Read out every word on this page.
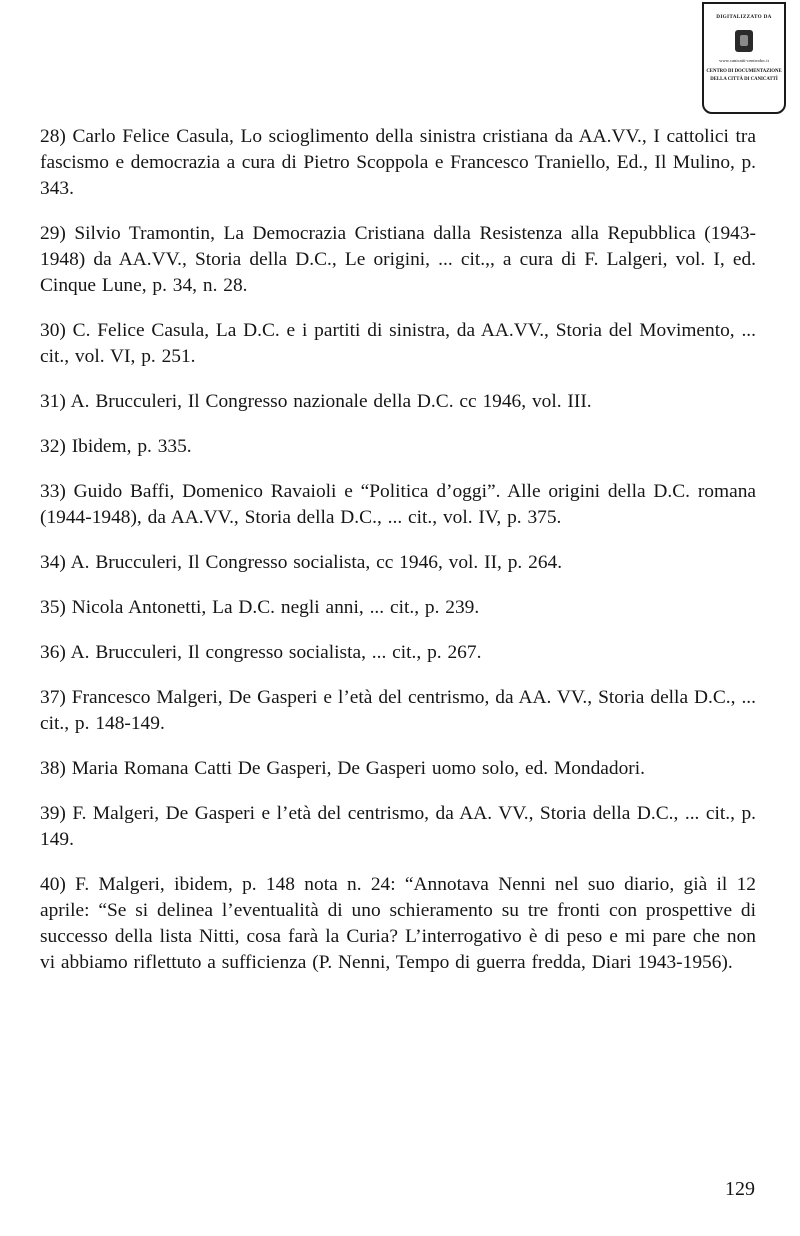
DIGITALIZZATO DA
www.canicatti-centrodoc.it
CENTRO DI DOCUMENTAZIONE
DELLA CITTÀ DI CANICATTÌ
28) Carlo Felice Casula, Lo scioglimento della sinistra cristiana da AA.VV., I cattolici tra fascismo e democrazia a cura di Pietro Scoppola e Francesco Traniello, Ed., Il Mulino, p. 343.
29) Silvio Tramontin, La Democrazia Cristiana dalla Resistenza alla Repubblica (1943-1948) da AA.VV., Storia della D.C., Le origini, ... cit.,, a cura di F. Lalgeri, vol. I, ed. Cinque Lune, p. 34, n. 28.
30) C. Felice Casula, La D.C. e i partiti di sinistra, da AA.VV., Storia del Movimento, ... cit., vol. VI, p. 251.
31) A. Brucculeri, Il Congresso nazionale della D.C. cc 1946, vol. III.
32) Ibidem, p. 335.
33) Guido Baffi, Domenico Ravaioli e “Politica d’oggi”. Alle origini della D.C. romana (1944-1948), da AA.VV., Storia della D.C., ... cit., vol. IV, p. 375.
34) A. Brucculeri, Il Congresso socialista, cc 1946, vol. II, p. 264.
35) Nicola Antonetti, La D.C. negli anni, ... cit., p. 239.
36) A. Brucculeri, Il congresso socialista, ... cit., p. 267.
37) Francesco Malgeri, De Gasperi e l’età del centrismo, da AA. VV., Storia della D.C., ... cit., p. 148-149.
38) Maria Romana Catti De Gasperi, De Gasperi uomo solo, ed. Mondadori.
39) F. Malgeri, De Gasperi e l’età del centrismo, da AA. VV., Storia della D.C., ... cit., p. 149.
40) F. Malgeri, ibidem, p. 148 nota n. 24: “Annotava Nenni nel suo diario, già il 12 aprile: “Se si delinea l’eventualità di uno schieramento su tre fronti con prospettive di successo della lista Nitti, cosa farà la Curia? L’interrogativo è di peso e mi pare che non vi abbiamo riflettuto a sufficienza (P. Nenni, Tempo di guerra fredda, Diari 1943-1956).
129
